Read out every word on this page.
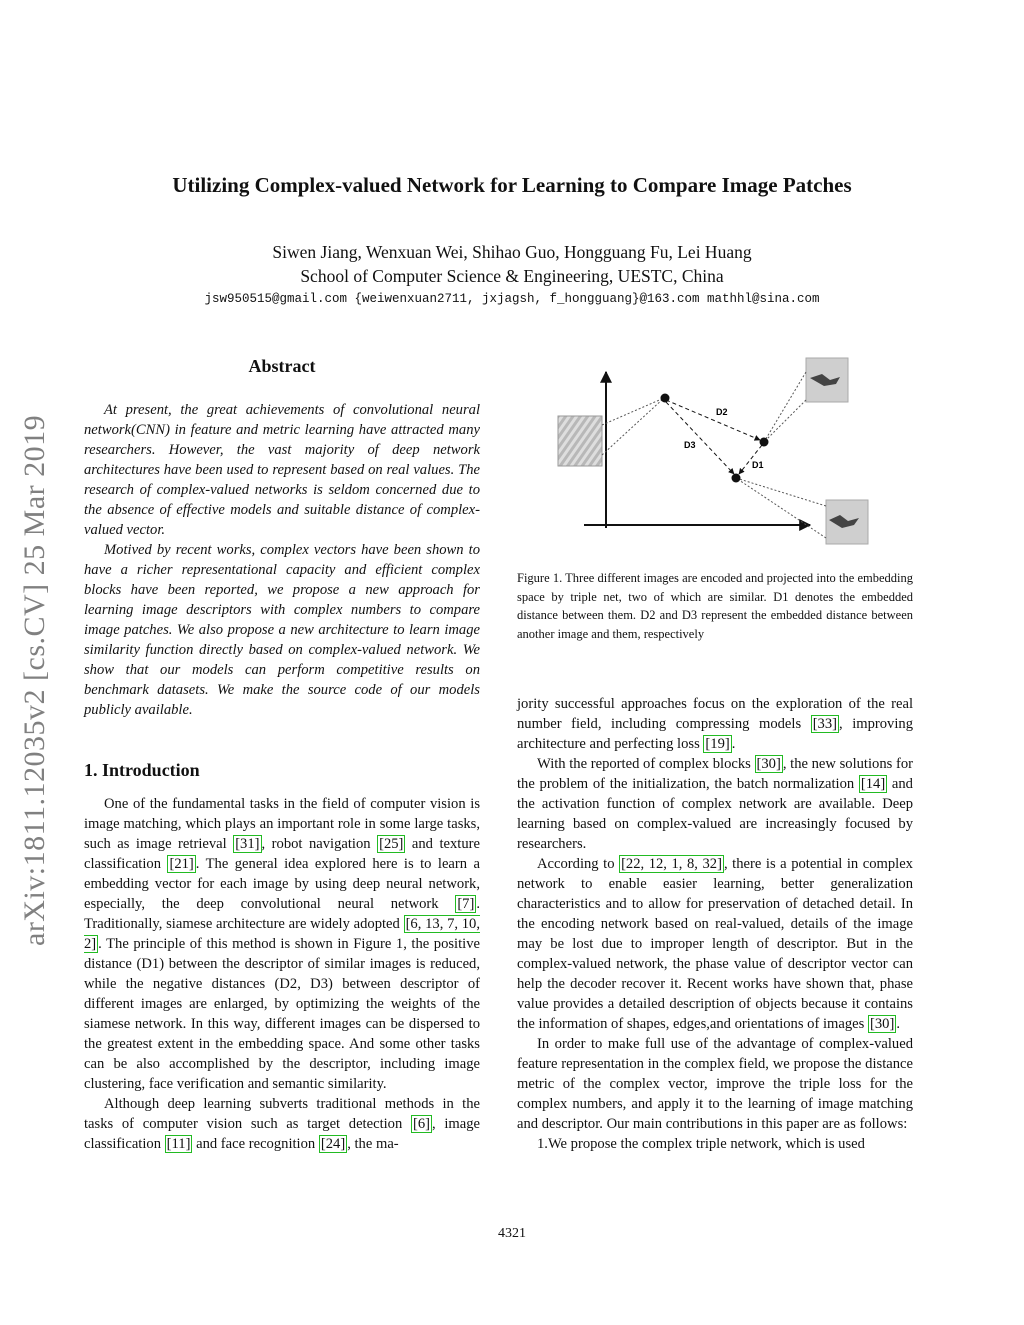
Utilizing Complex-valued Network for Learning to Compare Image Patches
Siwen Jiang, Wenxuan Wei, Shihao Guo, Hongguang Fu, Lei Huang
School of Computer Science & Engineering, UESTC, China
jsw950515@gmail.com {weiwenxuan2711, jxjagsh, f_hongguang}@163.com mathhl@sina.com
arXiv:1811.12035v2 [cs.CV] 25 Mar 2019
Abstract

At present, the great achievements of convolutional neural network(CNN) in feature and metric learning have attracted many researchers. However, the vast majority of deep network architectures have been used to represent based on real values. The research of complex-valued networks is seldom concerned due to the absence of effective models and suitable distance of complex-valued vector.

Motived by recent works, complex vectors have been shown to have a richer representational capacity and efficient complex blocks have been reported, we propose a new approach for learning image descriptors with complex numbers to compare image patches. We also propose a new architecture to learn image similarity function directly based on complex-valued network. We show that our models can perform competitive results on benchmark datasets. We make the source code of our models publicly available.

1. Introduction

One of the fundamental tasks in the field of computer vision is image matching, which plays an important role in some large tasks, such as image retrieval [31] , robot navigation [25] and texture classification [21] . The general idea explored here is to learn a embedding vector for each image by using deep neural network, especially, the deep convolutional neural network [7] . Traditionally, siamese architecture are widely adopted [6, 13, 7, 10, 2] . The principle of this method is shown in Figure 1, the positive distance (D1) between the descriptor of similar images is reduced, while the negative distances (D2, D3) between descriptor of different images are enlarged, by optimizing the weights of the siamese network. In this way, different images can be dispersed to the greatest extent in the embedding space. And some other tasks can be also accomplished by the descriptor, including image clustering, face verification and semantic similarity.

Although deep learning subverts traditional methods in the tasks of computer vision such as target detection [6] , image classification [11] and face recognition [24] , the ma-

jority successful approaches focus on the exploration of the real number field, including compressing models [33] , improving architecture and perfecting loss [19] .

With the reported of complex blocks [30] , the new solutions for the problem of the initialization, the batch normalization [14] and the activation function of complex network are available. Deep learning based on complex-valued are increasingly focused by researchers.

According to [22, 12, 1, 8, 32] , there is a potential in complex network to enable easier learning, better generalization characteristics and to allow for preservation of detached detail. In the encoding network based on real-valued, details of the image may be lost due to improper length of descriptor. But in the complex-valued network, the phase value of descriptor vector can help the decoder recover it. Recent works have shown that, phase value provides a detailed description of objects because it contains the information of shapes, edges,and orientations of images [30] .

In order to make full use of the advantage of complex-valued feature representation in the complex field, we propose the distance metric of the complex vector, improve the triple loss for the complex numbers, and apply it to the learning of image matching and descriptor. Our main contributions in this paper are as follows:

1.We propose the complex triple network, which is used

D2
D3
D1
Figure 1. Three different images are encoded and projected into the embedding space by triple net, two of which are similar. D1 denotes the embedded distance between them. D2 and D3 represent the embedded distance between another image and them, respectively
4321
